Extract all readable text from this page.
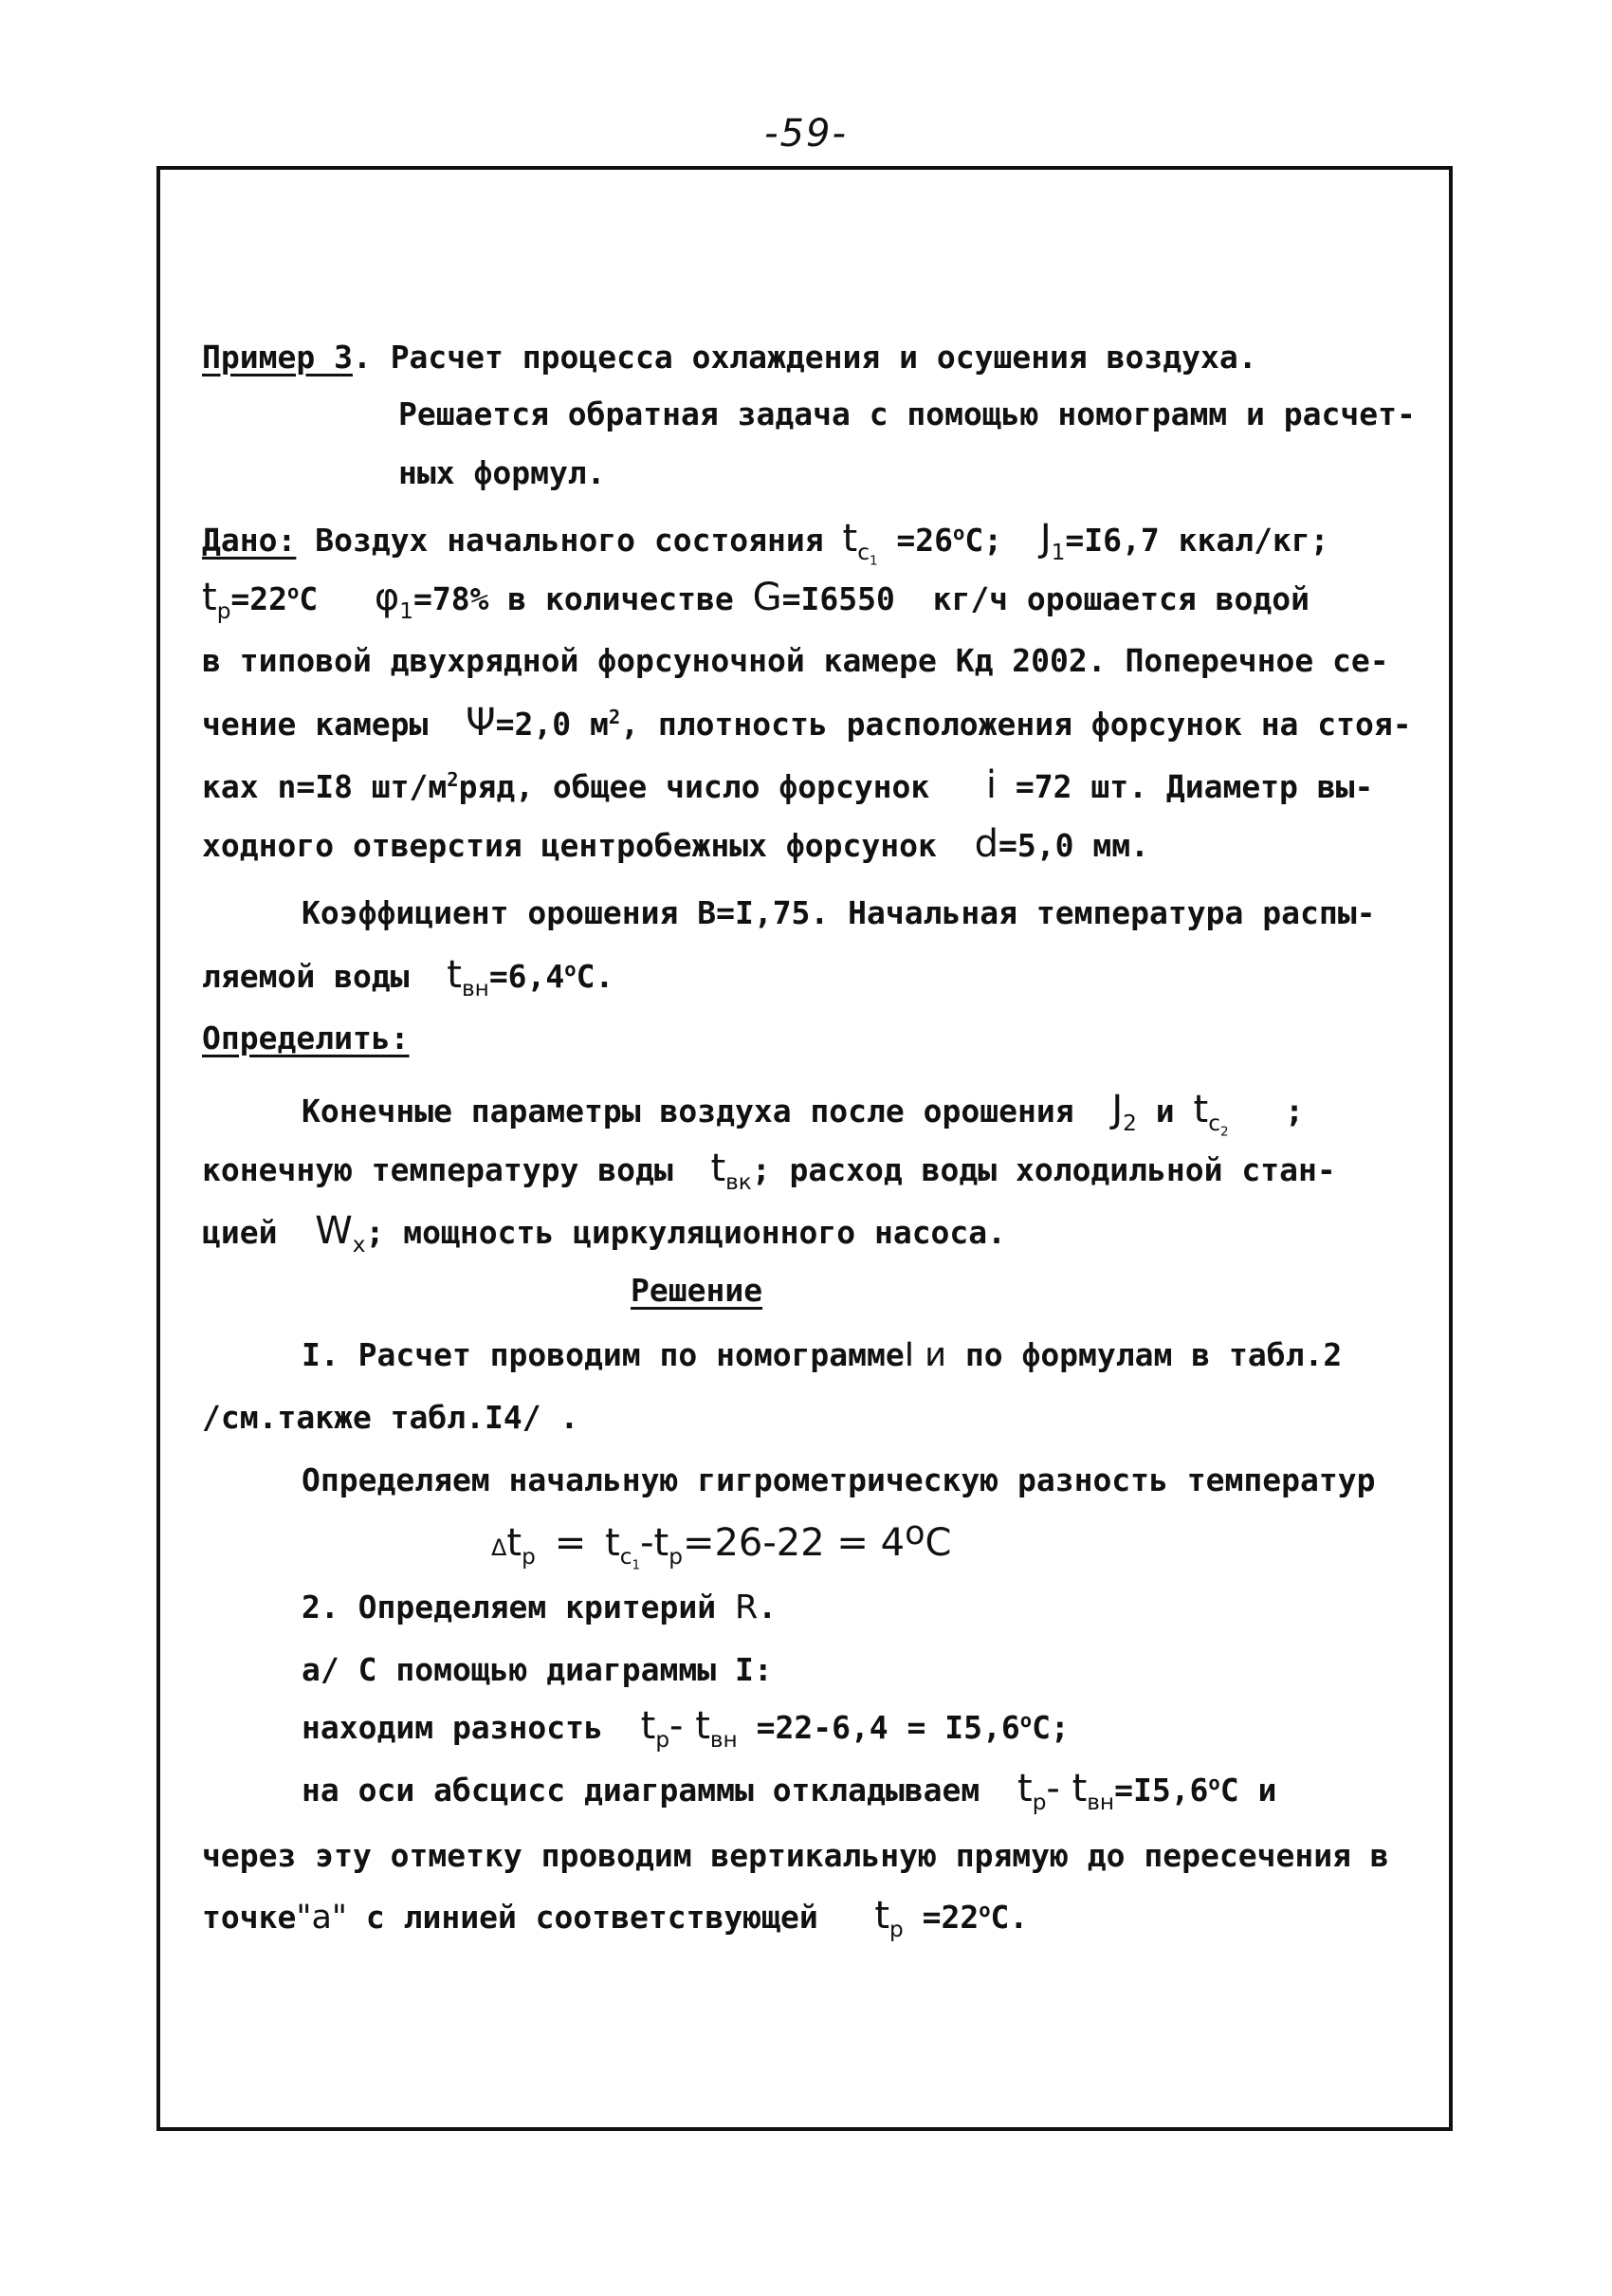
-59-
Пример 3. Расчет процесса охлаждения и осушения воздуха.
Решается обратная задача с помощью номограмм и расчет-
ных формул.
Дано: Воздух начального состояния $t_{c_1} =26^oC$; $J_1=I6,7$ ккал/кг;
$t_p=22^oC$ $\varphi_1=78\%$ в количестве G=I6550 кг/ч орошается водой
в типовой двухрядной форсуночной камере Кд 2002. Поперечное се-
чение камеры Ψ=2,0 $м^2$, плотность расположения форсунок на стоя-
ках n=I8 $шт/м^2ряд$, общее число форсунок i =72 шт. Диаметр вы-
ходного отверстия центробежных форсунок d=5,0 мм.
Коэффициент орошения В=I,75. Начальная температура распы-
ляемой воды $t_{вн}=6,4^oC$.
Определить:
Конечные параметры воздуха после орошения $J_2$ и $t_{c_2}$   ;
конечную температуру воды $t_{вк}$; расход воды холодильной стан-
цией $W_x$; мощность циркуляционного насоса.
Решение
I. Расчет проводим по номограммеI и по формулам в табл.2
/см.также табл.I4/ .
Определяем начальную гигрометрическую разность температур
$\Delta t_p = t_{c_1}-t_p=26-22 = 4^oC$
2. Определяем критерий R.
а/ С помощью диаграммы I:
находим разность $t_p-$ $t_{вн} =22-6,4 = I5,6^oC$;
на оси абсцисс диаграммы откладываем $t_p-$ $t_{вн}=I5,6^oC$ и
через эту отметку проводим вертикальную прямую до пересечения в
точке"а" с линией соответствующей $t_p =22^oC$.
